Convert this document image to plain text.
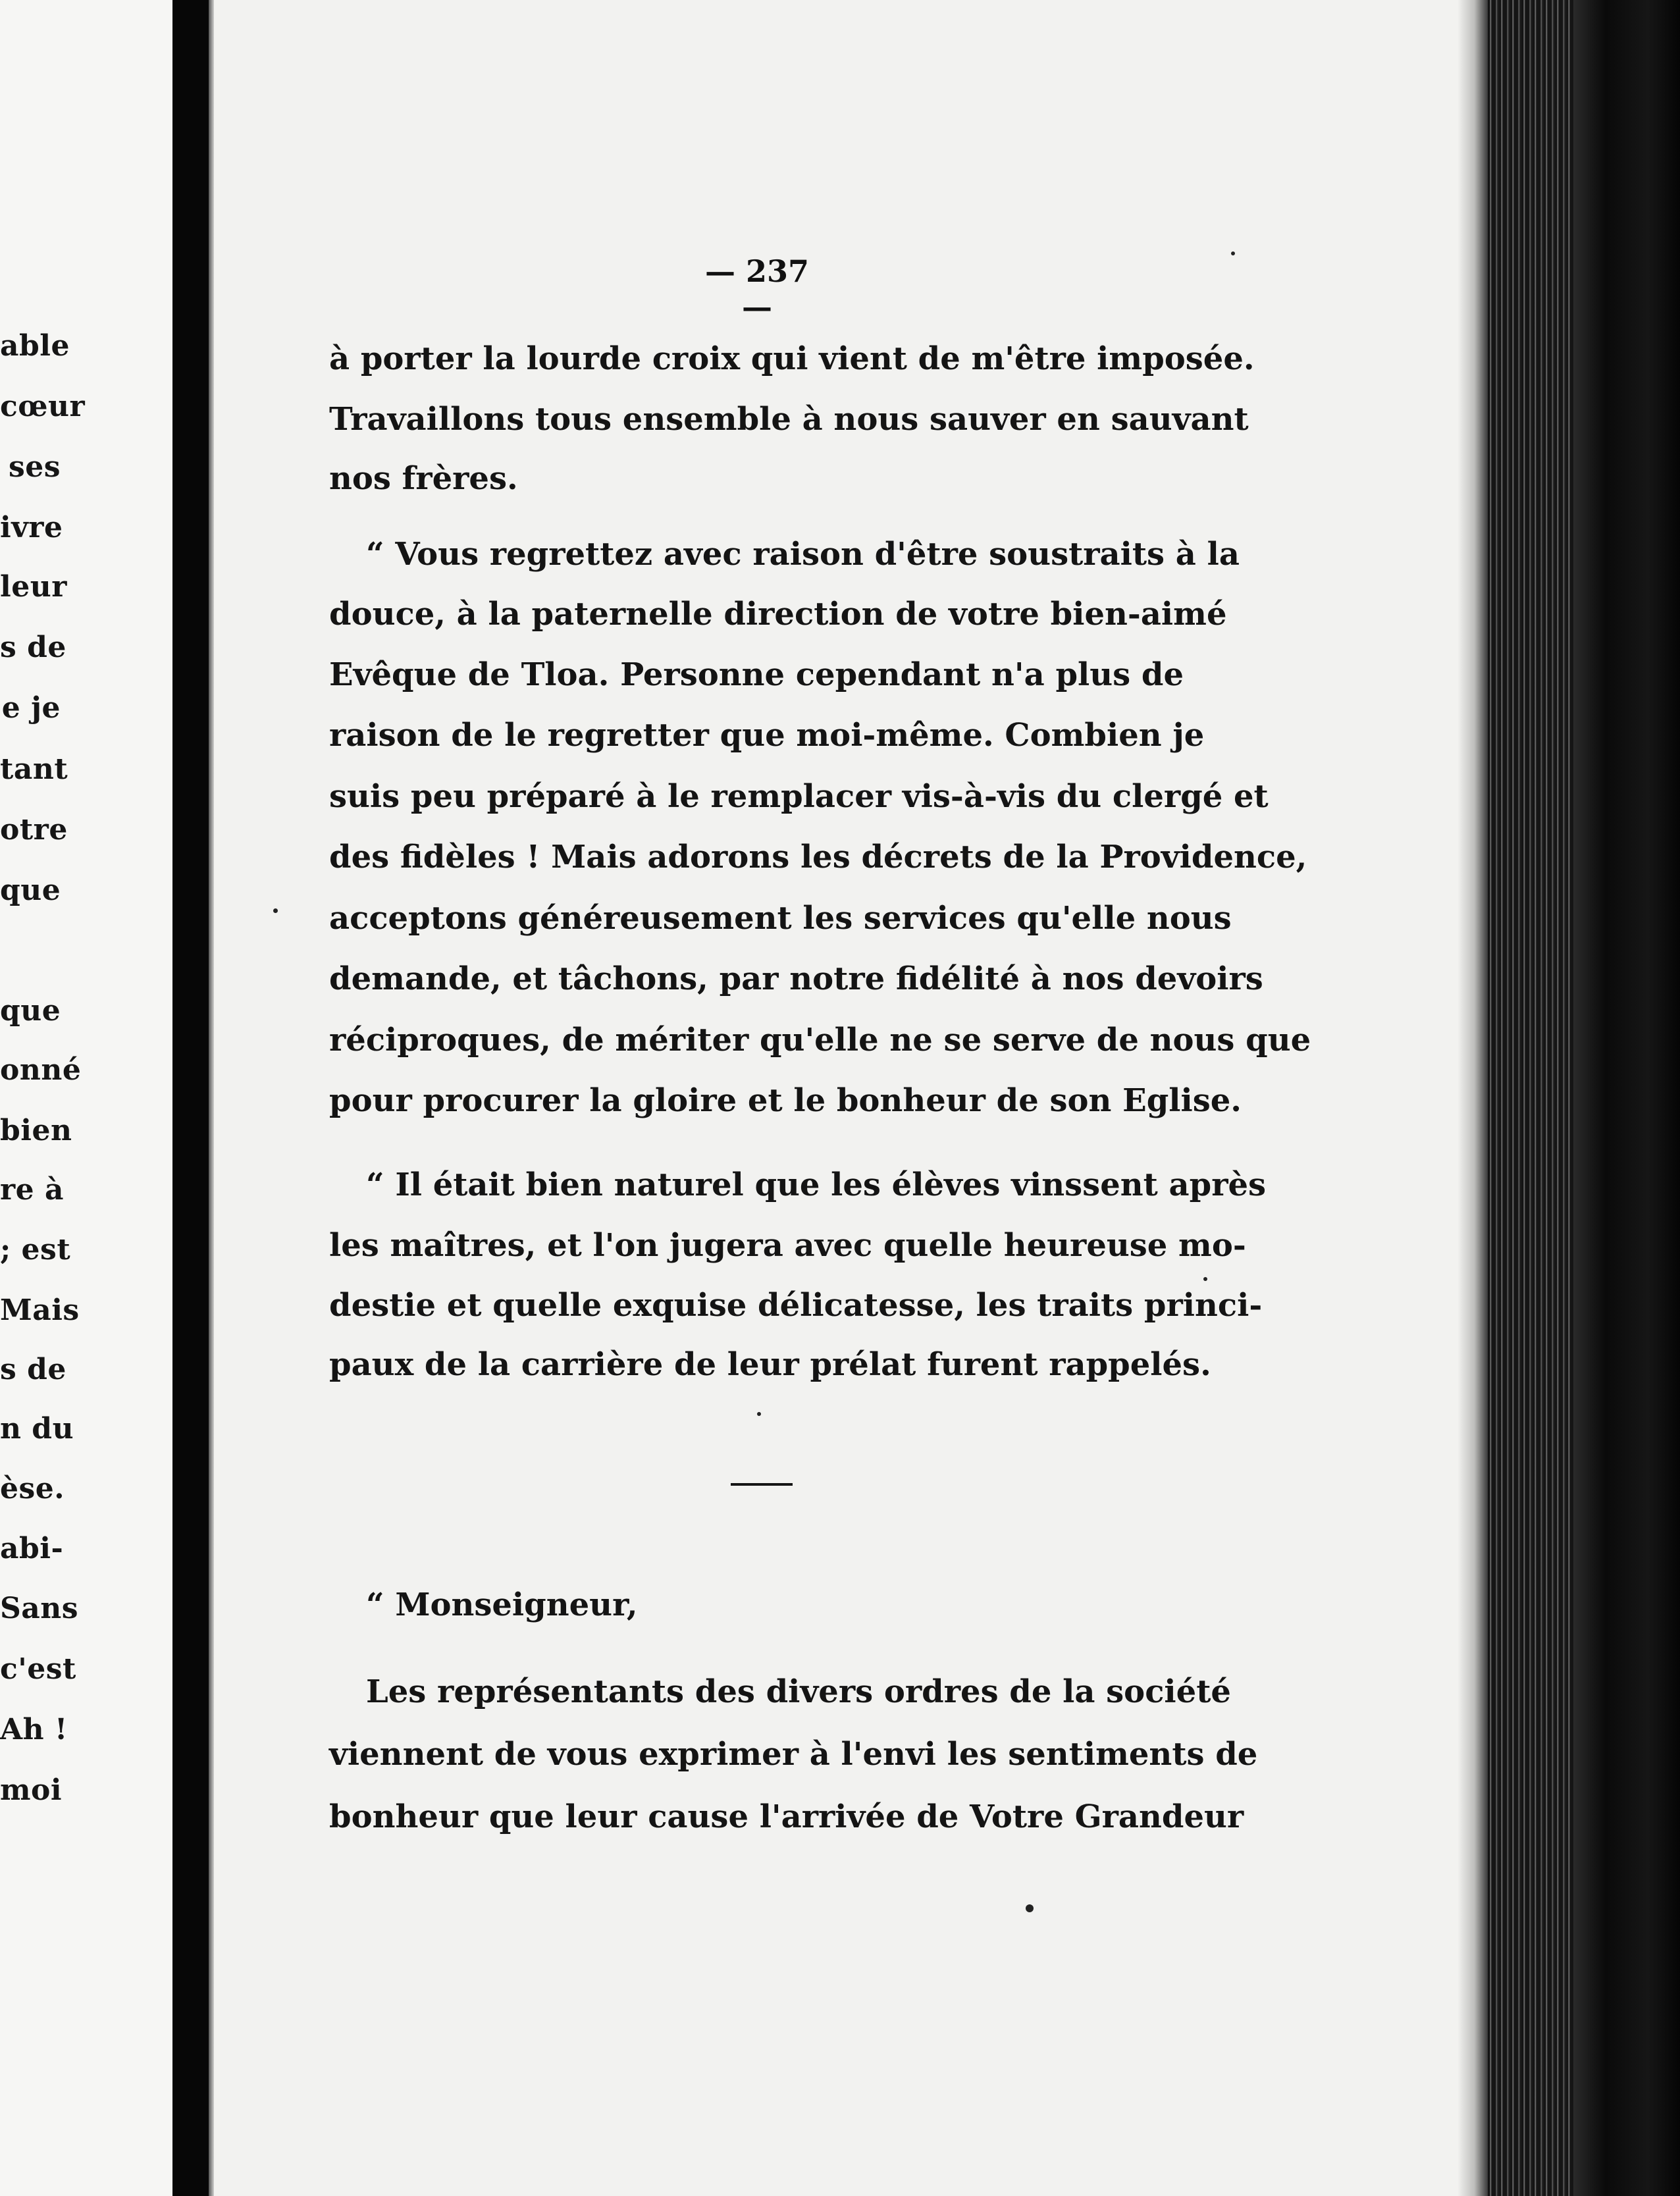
able
cœur
ses
ivre
leur
s de
e je
tant
otre
que
que
onné
bien
re à
; est
Mais
s de
n du
èse.
abi-
Sans
c'est
Ah !
moi
— 237 —
à porter la lourde croix qui vient de m'être imposée.
Travaillons tous ensemble à nous sauver en sauvant
nos frères.
“ Vous regrettez avec raison d'être soustraits à la
douce, à la paternelle direction de votre bien-aimé
Evêque de Tloa. Personne cependant n'a plus de
raison de le regretter que moi-même. Combien je
suis peu préparé à le remplacer vis-à-vis du clergé et
des fidèles ! Mais adorons les décrets de la Providence,
acceptons généreusement les services qu'elle nous
demande, et tâchons, par notre fidélité à nos devoirs
réciproques, de mériter qu'elle ne se serve de nous que
pour procurer la gloire et le bonheur de son Eglise.
“ Il était bien naturel que les élèves vinssent après
les maîtres, et l'on jugera avec quelle heureuse mo-
destie et quelle exquise délicatesse, les traits princi-
paux de la carrière de leur prélat furent rappelés.
“ Monseigneur,
Les représentants des divers ordres de la société
viennent de vous exprimer à l'envi les sentiments de
bonheur que leur cause l'arrivée de Votre Grandeur
